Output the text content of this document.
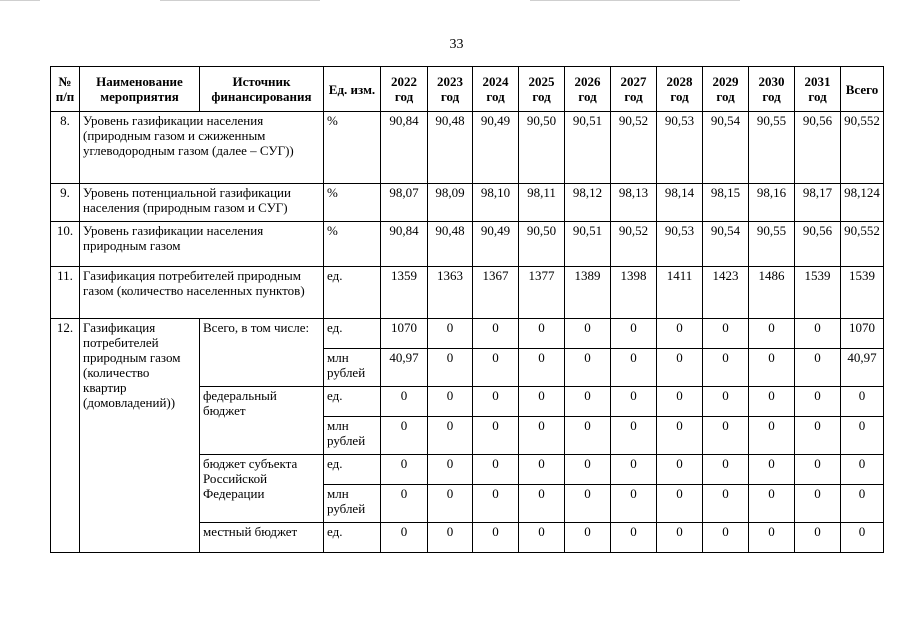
33
№ п/п	Наименование мероприятия	Источник финансирования	Ед. изм.	2022 год	2023 год	2024 год	2025 год	2026 год	2027 год	2028 год	2029 год	2030 год	2031 год	Всего
8.	Уровень газификации населения (природным газом и сжиженным углеводородным газом (далее – СУГ))		%	90,84	90,48	90,49	90,50	90,51	90,52	90,53	90,54	90,55	90,56	90,552
9.	Уровень потенциальной газификации населения (природным газом и СУГ)		%	98,07	98,09	98,10	98,11	98,12	98,13	98,14	98,15	98,16	98,17	98,124
10.	Уровень газификации населения природным газом		%	90,84	90,48	90,49	90,50	90,51	90,52	90,53	90,54	90,55	90,56	90,552
11.	Газификация потребителей природным газом (количество населенных пунктов)		ед.	1359	1363	1367	1377	1389	1398	1411	1423	1486	1539	1539
12.	Газификация потребителей природным газом (количество квартир (домовладений))	Всего, в том числе:	ед.	1070	0	0	0	0	0	0	0	0	0	1070
			млн рублей	40,97	0	0	0	0	0	0	0	0	0	40,97
		федеральный бюджет	ед.	0	0	0	0	0	0	0	0	0	0	0
			млн рублей	0	0	0	0	0	0	0	0	0	0	0
		бюджет субъекта Российской Федерации	ед.	0	0	0	0	0	0	0	0	0	0	0
			млн рублей	0	0	0	0	0	0	0	0	0	0	0
		местный бюджет	ед.	0	0	0	0	0	0	0	0	0	0	0
